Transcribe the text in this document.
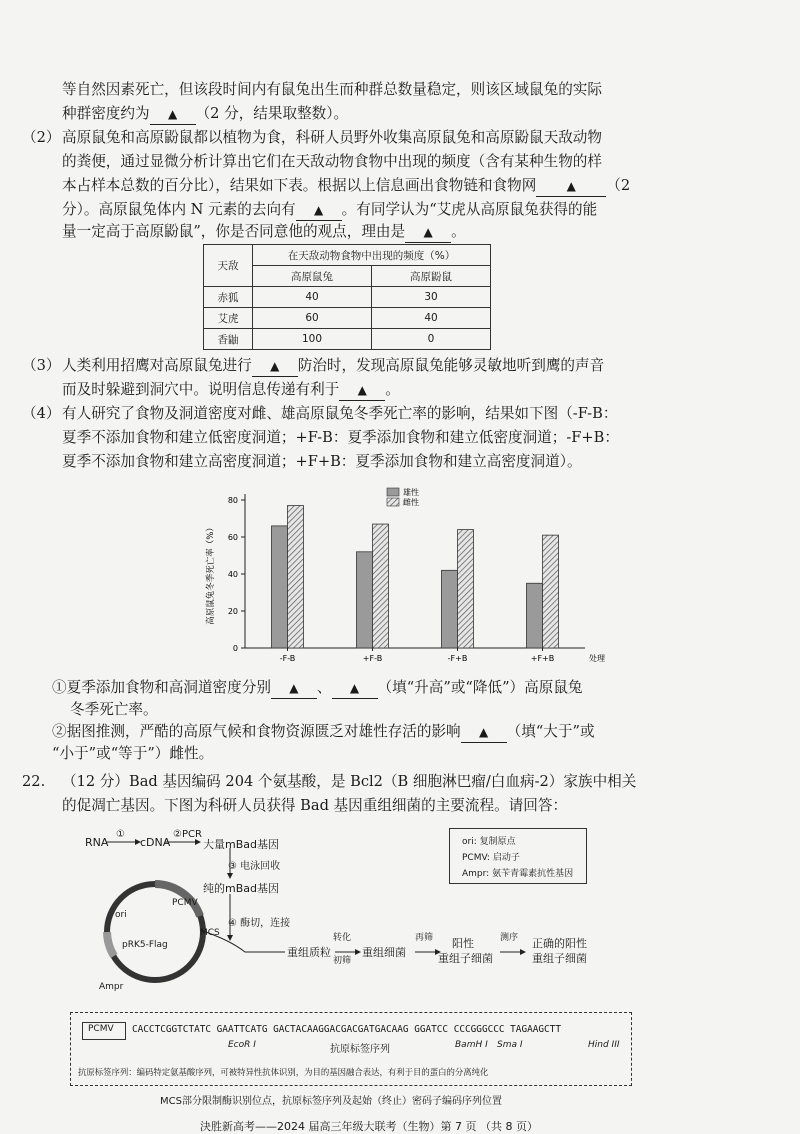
等自然因素死亡，但该段时间内有鼠兔出生而种群总数量稳定，则该区域鼠兔的实际
种群密度约为 ▲ （2 分，结果取整数）。
（2） 高原鼠兔和高原鼢鼠都以植物为食，科研人员野外收集高原鼠兔和高原鼢鼠天敌动物
的粪便，通过显微分析计算出它们在天敌动物食物中出现的频度（含有某种生物的样
本占样本总数的百分比），结果如下表。根据以上信息画出食物链和食物网	▲ （2
分）。高原鼠兔体内 N 元素的去向有 ▲ 。有同学认为“艾虎从高原鼠兔获得的能
量一定高于高原鼢鼠”，你是否同意他的观点，理由是 ▲ 。
天敌	在天敌动物食物中出现的频度（%）	
	高原鼠兔	高原鼢鼠
赤狐	40	30
艾虎	60	40
香鼬	100	0
（3） 人类利用招鹰对高原鼠兔进行 ▲ 防治时，发现高原鼠兔能够灵敏地听到鹰的声音
而及时躲避到洞穴中。说明信息传递有利于 ▲ 。
（4） 有人研究了食物及洞道密度对雌、雄高原鼠兔冬季死亡率的影响，结果如下图（-F-B：
夏季不添加食物和建立低密度洞道；+F-B：夏季添加食物和建立低密度洞道；-F+B：
夏季不添加食物和建立高密度洞道；+F+B：夏季添加食物和建立高密度洞道）。
0
20
40
60
80
高原鼠兔冬季死亡率（%）
-F-B	+F-B	-F+B	+F+B	处理
雄性
雌性
①夏季添加食物和高洞道密度分别 ▲ 、 ▲ （填“升高”或“降低”）高原鼠兔
冬季死亡率。
②据图推测，严酷的高原气候和食物资源匮乏对雄性存活的影响 ▲ （填“大于”或
“小于”或“等于”）雌性。
22. （12 分）Bad 基因编码 204 个氨基酸，是 Bcl2（B 细胞淋巴瘤/白血病-2）家族中相关
的促凋亡基因。下图为科研人员获得 Bad 基因重组细菌的主要流程。请回答：
RNA
①
cDNA
②PCR
大量mBad基因
③ 电泳回收
纯的mBad基因
④ 酶切，连接
ori: 复制原点
PCMV: 启动子
Ampr: 氨苄青霉素抗性基因
ori
PCMV
MCS
pRK5-Flag
Ampr
重组质粒
转化
初筛
重组细菌
再筛 阳性
重组子细菌
测序 正确的阳性
重组子细菌
PCMV CACCTCGGTCTATC GAATTCATG GACTACAAGGACGACGATGACAAG GGATCC CCCGGGCCC TAGAAGCTT
EcoR I	抗原标签序列	BamH I Sma I	Hind III
抗原标签序列：编码特定氨基酸序列，可被特异性抗体识别，为目的基因融合表达，有利于目的蛋白的分离纯化
MCS部分限制酶识别位点，抗原标签序列及起始（终止）密码子编码序列位置
決胜新高考——2024 届高三年级大联考（生物）第 7 页 （共 8 页）
